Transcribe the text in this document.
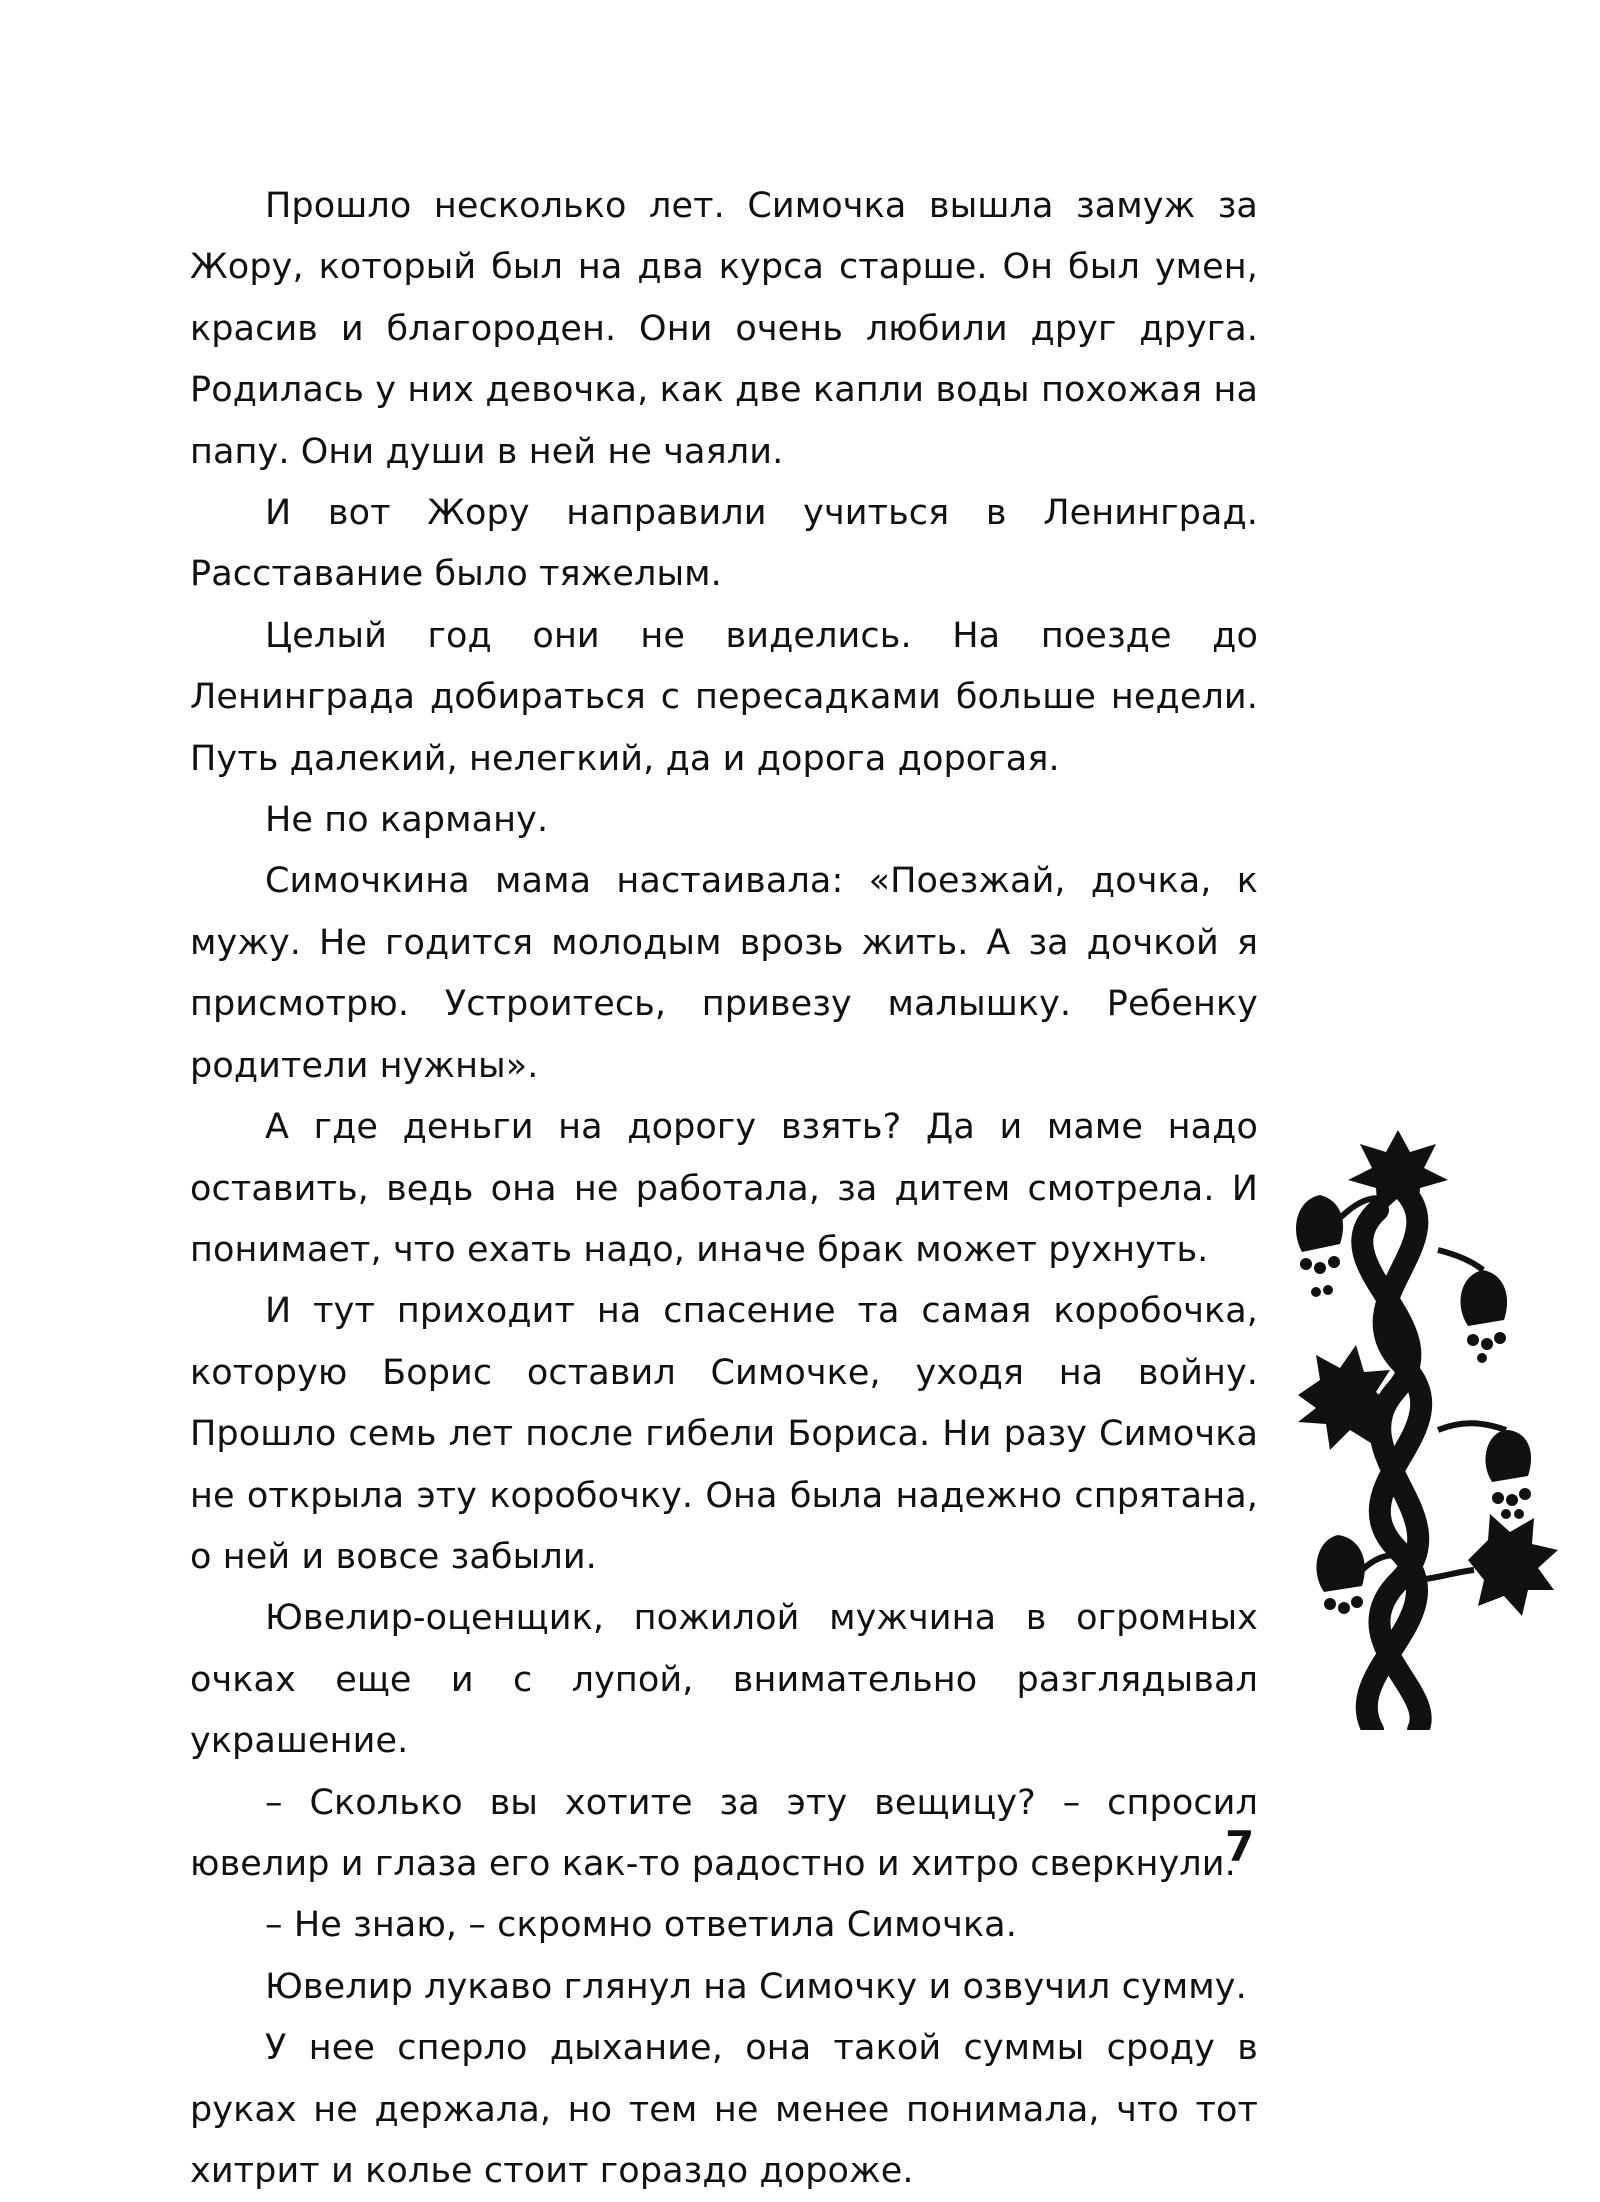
Прошло несколько лет. Симочка вышла замуж за Жору, который был на два курса старше. Он был умен, красив и благороден. Они очень любили друг друга. Родилась у них девочка, как две капли воды похожая на папу. Они души в ней не чаяли.

И вот Жору направили учиться в Ленинград. Расставание было тяжелым.

Целый год они не виделись. На поезде до Ленинграда добираться с пересадками больше недели. Путь далекий, нелегкий, да и дорога дорогая.

Не по карману.

Симочкина мама настаивала: «Поезжай, дочка, к мужу. Не годится молодым врозь жить. А за дочкой я присмотрю. Устроитесь, привезу малышку. Ребенку родители нужны».

А где деньги на дорогу взять? Да и маме надо оставить, ведь она не работала, за дитем смотрела. И понимает, что ехать надо, иначе брак может рухнуть.

И тут приходит на спасение та самая коробочка, которую Борис оставил Симочке, уходя на войну. Прошло семь лет после гибели Бориса. Ни разу Симочка не открыла эту коробочку. Она была надежно спрятана, о ней и вовсе забыли.

Ювелир-оценщик, пожилой мужчина в огромных очках еще и с лупой, внимательно разглядывал украшение.

– Сколько вы хотите за эту вещицу? – спросил ювелир и глаза его как-то радостно и хитро сверкнули.

– Не знаю, – скромно ответила Симочка.

Ювелир лукаво глянул на Симочку и озвучил сумму.

У нее сперло дыхание, она такой суммы сроду в руках не держала, но тем не менее понимала, что тот хитрит и колье стоит гораздо дороже.

7
